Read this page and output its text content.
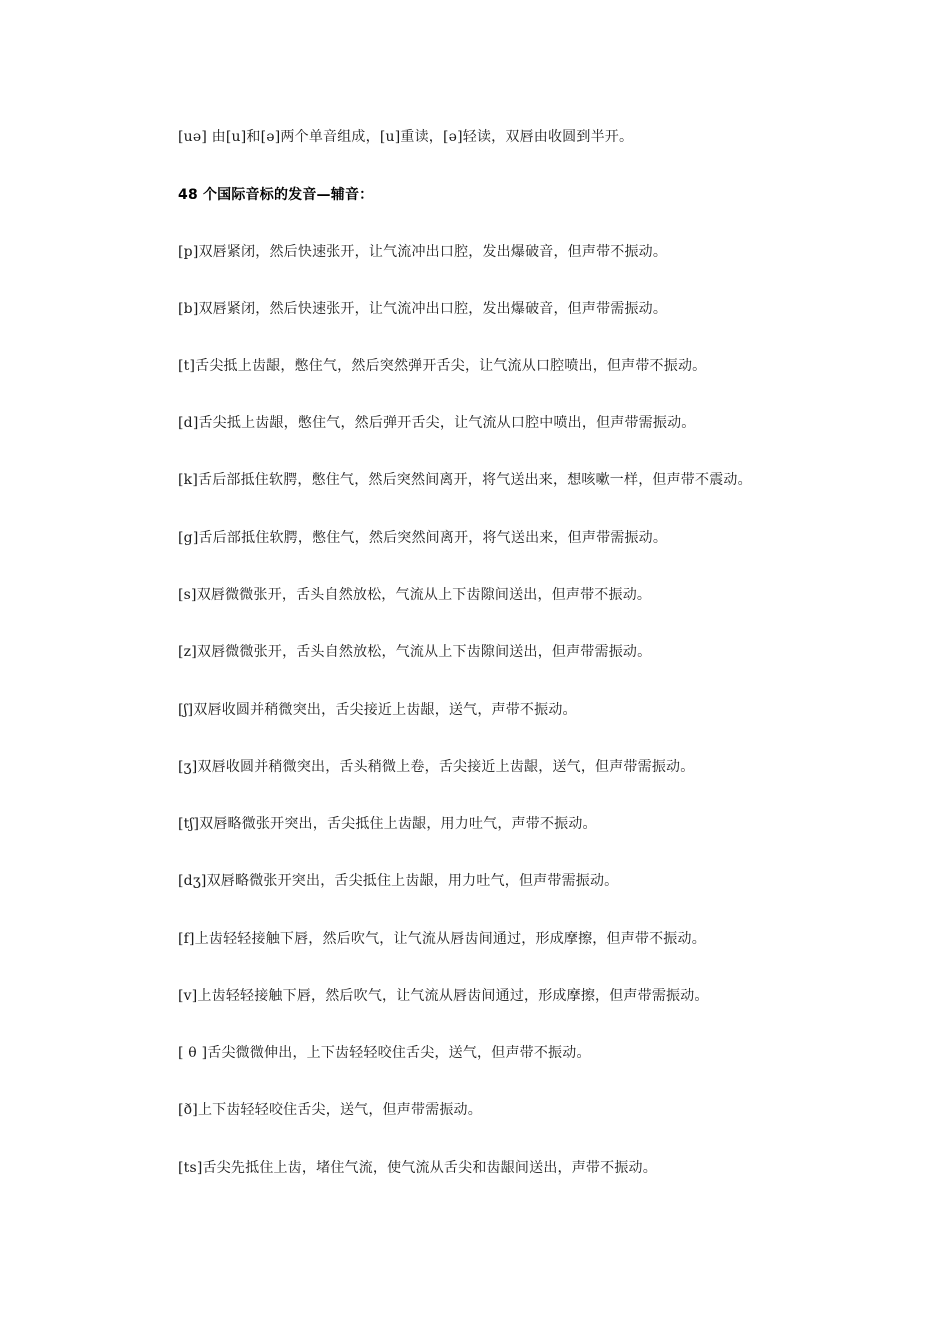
[uə] 由[u]和[ə]两个单音组成，[u]重读，[ə]轻读，双唇由收圆到半开。
48 个国际音标的发音—辅音：
[p]双唇紧闭，然后快速张开，让气流冲出口腔，发出爆破音，但声带不振动。
[b]双唇紧闭，然后快速张开，让气流冲出口腔，发出爆破音，但声带需振动。
[t]舌尖抵上齿龈，憋住气，然后突然弹开舌尖，让气流从口腔喷出，但声带不振动。
[d]舌尖抵上齿龈，憋住气，然后弹开舌尖，让气流从口腔中喷出，但声带需振动。
[k]舌后部抵住软腭，憋住气，然后突然间离开，将气送出来，想咳嗽一样，但声带不震动。
[g]舌后部抵住软腭，憋住气，然后突然间离开，将气送出来，但声带需振动。
[s]双唇微微张开，舌头自然放松，气流从上下齿隙间送出，但声带不振动。
[z]双唇微微张开，舌头自然放松，气流从上下齿隙间送出，但声带需振动。
[ʃ]双唇收圆并稍微突出，舌尖接近上齿龈，送气，声带不振动。
[ʒ]双唇收圆并稍微突出，舌头稍微上卷，舌尖接近上齿龈，送气，但声带需振动。
[tʃ]双唇略微张开突出，舌尖抵住上齿龈，用力吐气，声带不振动。
[dʒ]双唇略微张开突出，舌尖抵住上齿龈，用力吐气，但声带需振动。
[f]上齿轻轻接触下唇，然后吹气，让气流从唇齿间通过，形成摩擦，但声带不振动。
[v]上齿轻轻接触下唇，然后吹气，让气流从唇齿间通过，形成摩擦，但声带需振动。
[ θ ]舌尖微微伸出，上下齿轻轻咬住舌尖，送气，但声带不振动。
[ð]上下齿轻轻咬住舌尖，送气，但声带需振动。
[ts]舌尖先抵住上齿，堵住气流，使气流从舌尖和齿龈间送出，声带不振动。
